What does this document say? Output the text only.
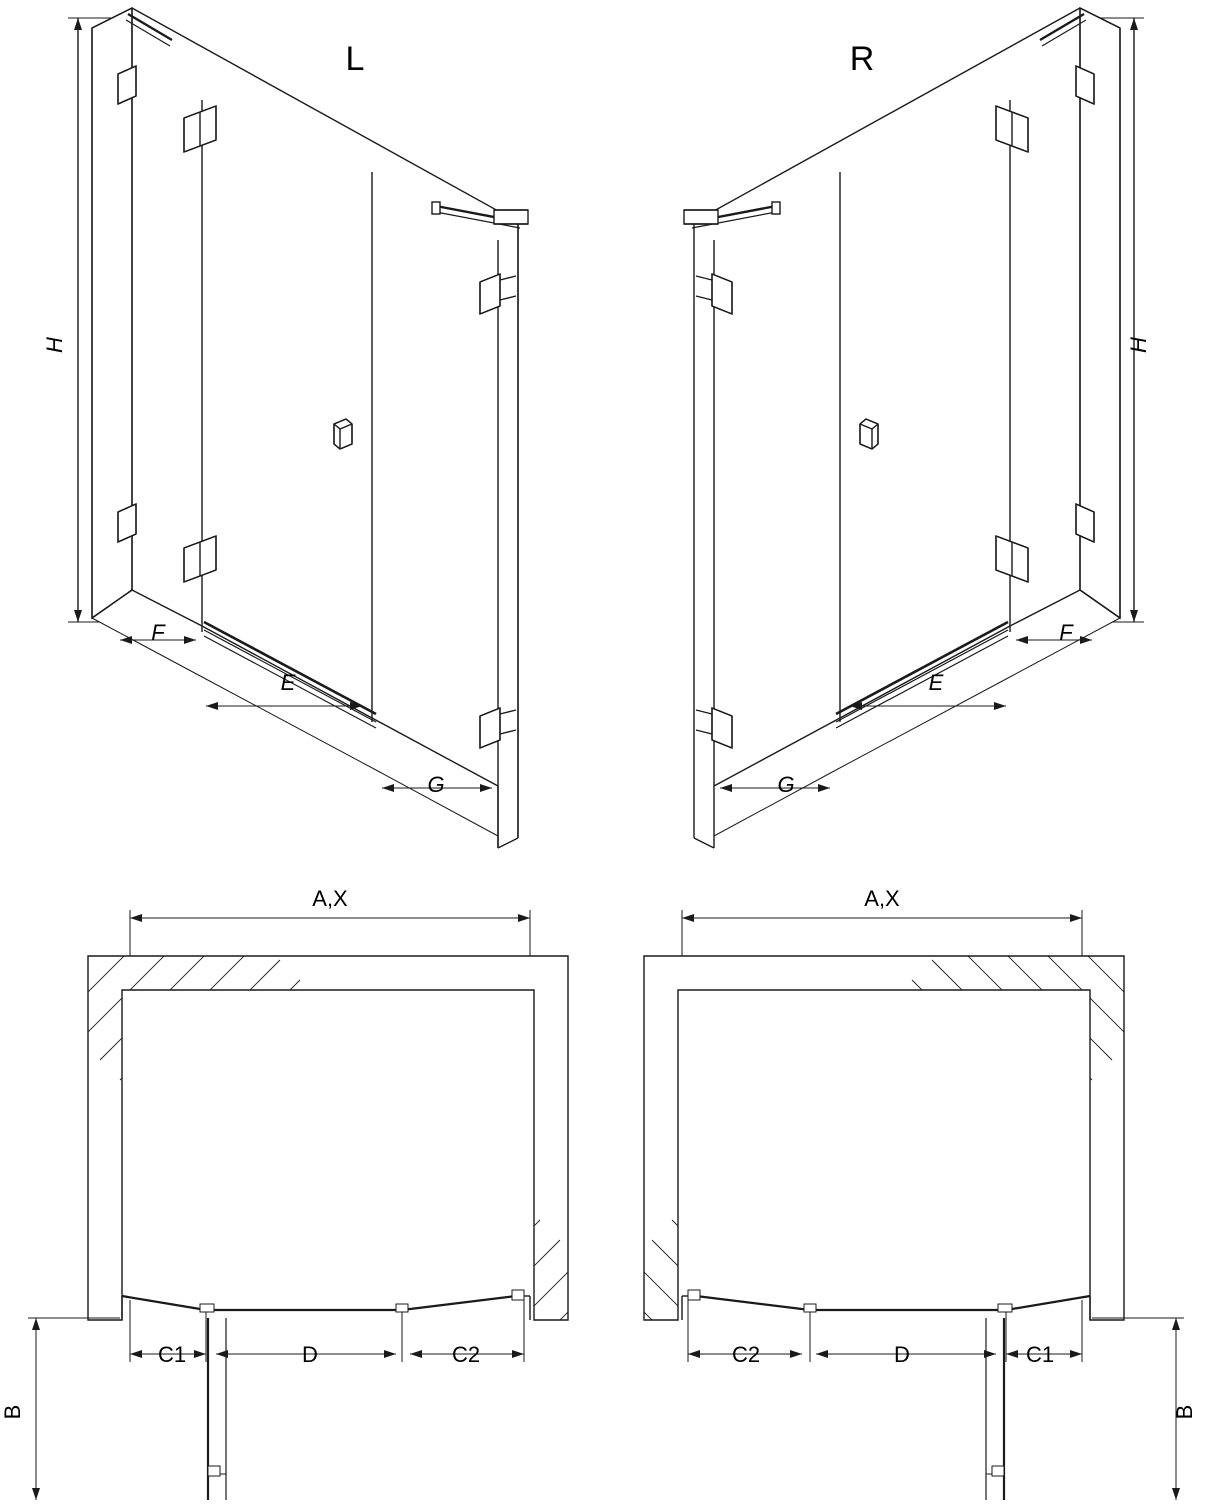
L
H
F
E
G
R
H
F
E
G
A,X
C1	D	C2
B
A,X
C1
D
C2
B
